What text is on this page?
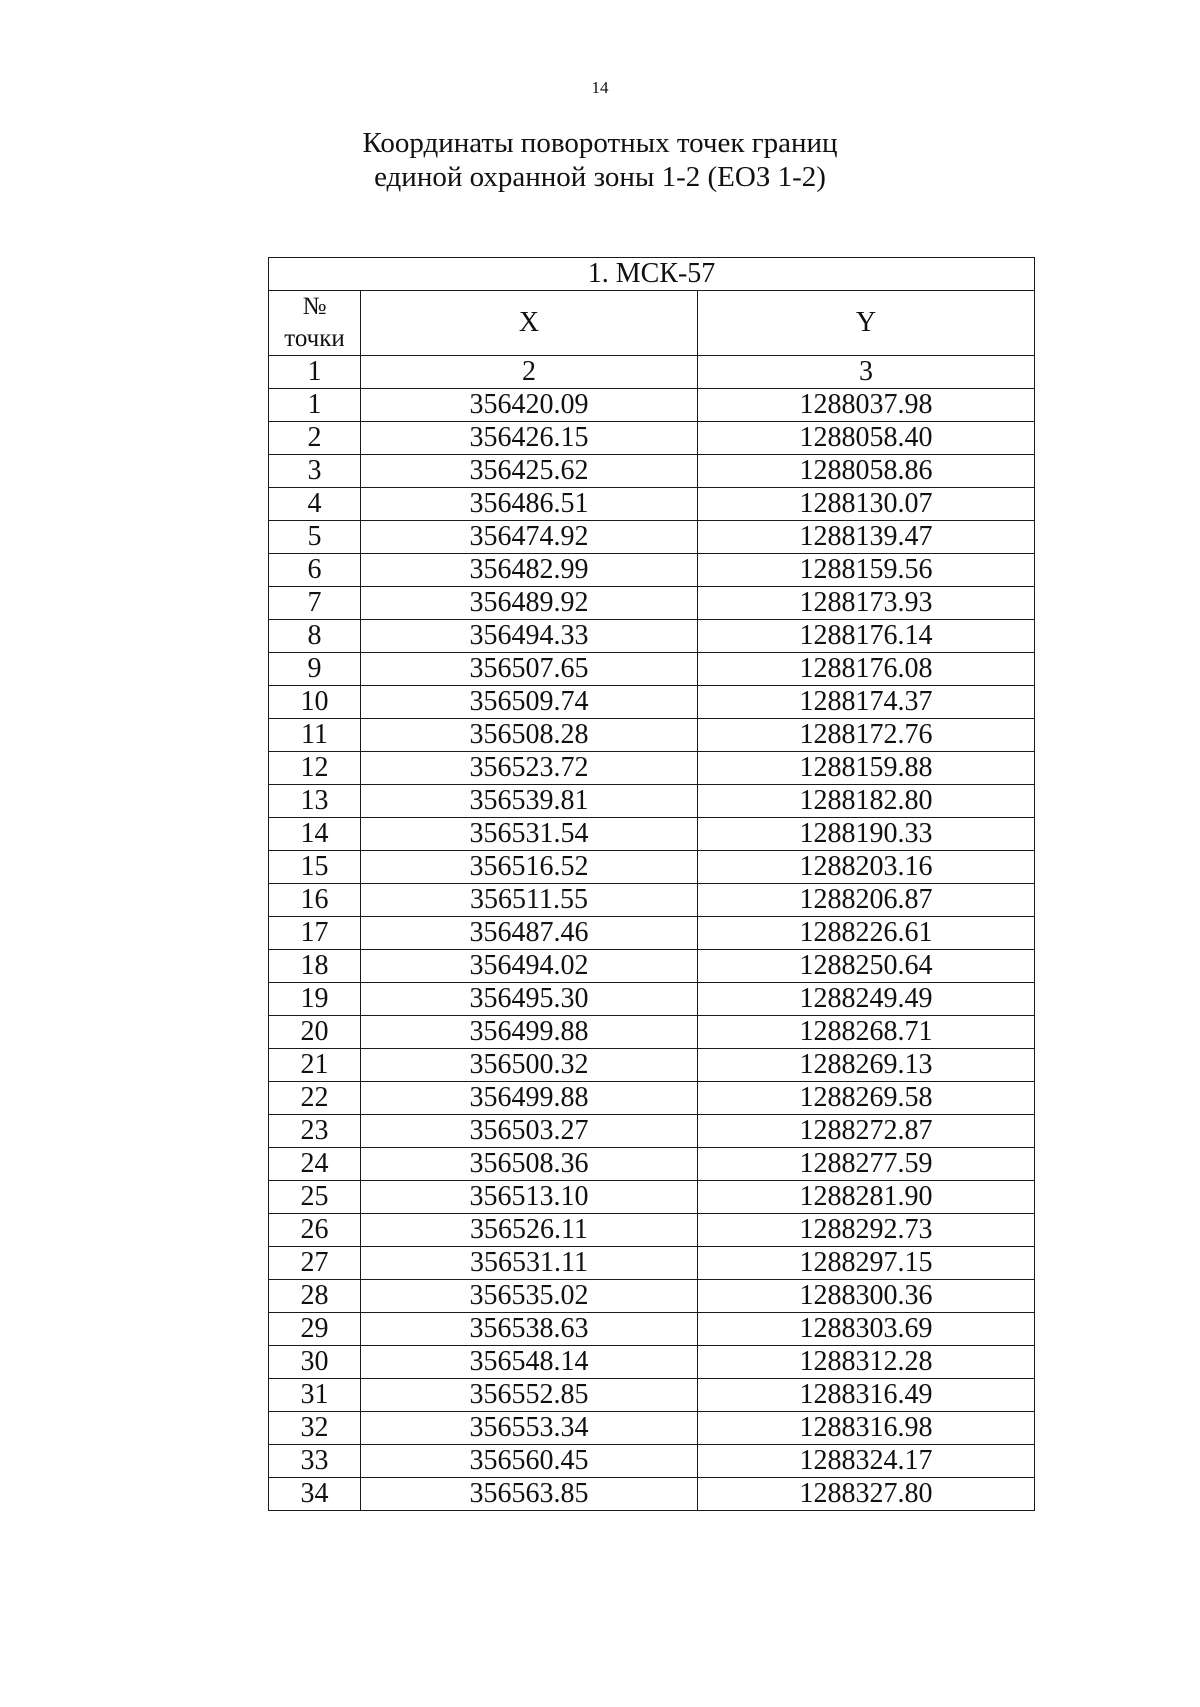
14
Координаты поворотных точек границ
единой охранной зоны 1-2 (ЕОЗ 1-2)
1. МСК-57		

№
точки	X	Y
1	2	3
1	356420.09	1288037.98
2	356426.15	1288058.40
3	356425.62	1288058.86
4	356486.51	1288130.07
5	356474.92	1288139.47
6	356482.99	1288159.56
7	356489.92	1288173.93
8	356494.33	1288176.14
9	356507.65	1288176.08
10	356509.74	1288174.37
11	356508.28	1288172.76
12	356523.72	1288159.88
13	356539.81	1288182.80
14	356531.54	1288190.33
15	356516.52	1288203.16
16	356511.55	1288206.87
17	356487.46	1288226.61
18	356494.02	1288250.64
19	356495.30	1288249.49
20	356499.88	1288268.71
21	356500.32	1288269.13
22	356499.88	1288269.58
23	356503.27	1288272.87
24	356508.36	1288277.59
25	356513.10	1288281.90
26	356526.11	1288292.73
27	356531.11	1288297.15
28	356535.02	1288300.36
29	356538.63	1288303.69
30	356548.14	1288312.28
31	356552.85	1288316.49
32	356553.34	1288316.98
33	356560.45	1288324.17
34	356563.85	1288327.80
